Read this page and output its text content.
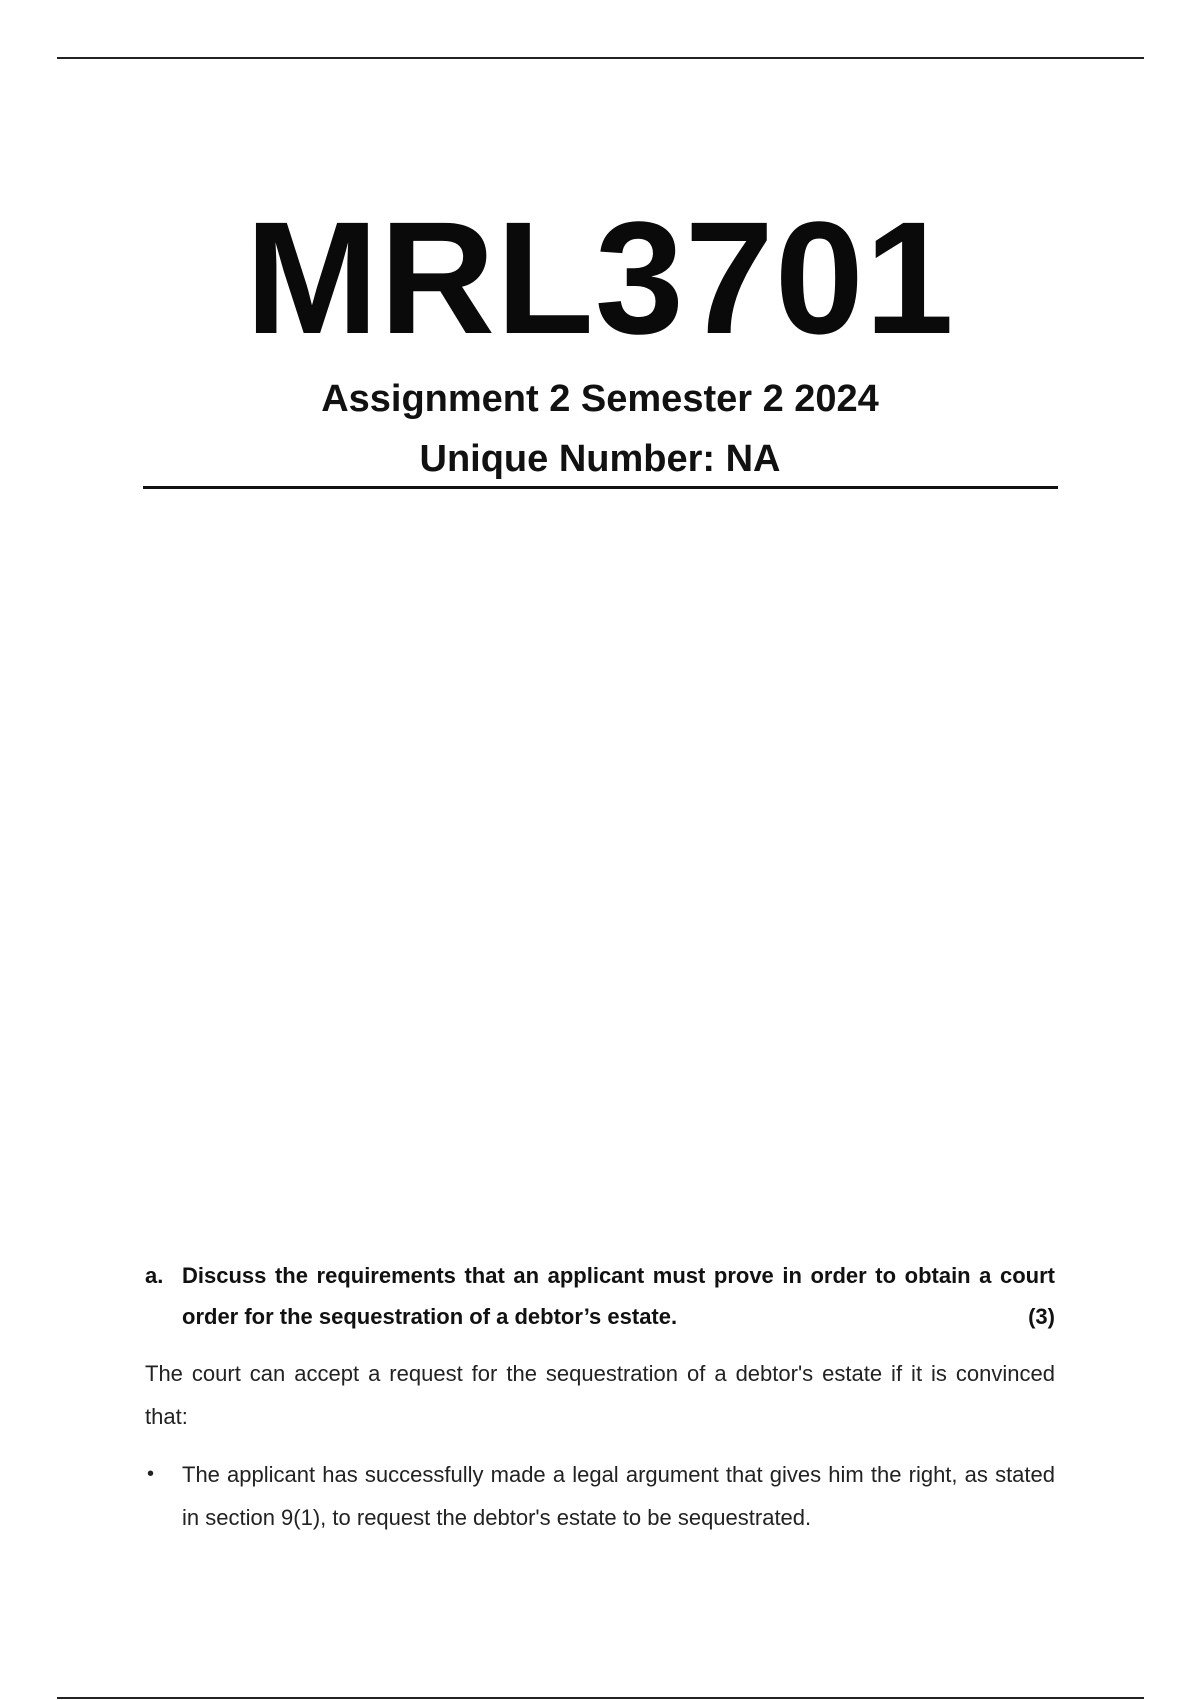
MRL3701
Assignment 2 Semester 2 2024
Unique Number: NA
a. Discuss the requirements that an applicant must prove in order to obtain a court order for the sequestration of a debtor’s estate.	(3)
The court can accept a request for the sequestration of a debtor's estate if it is convinced that:
• The applicant has successfully made a legal argument that gives him the right, as stated in section 9(1), to request the debtor's estate to be sequestrated.
